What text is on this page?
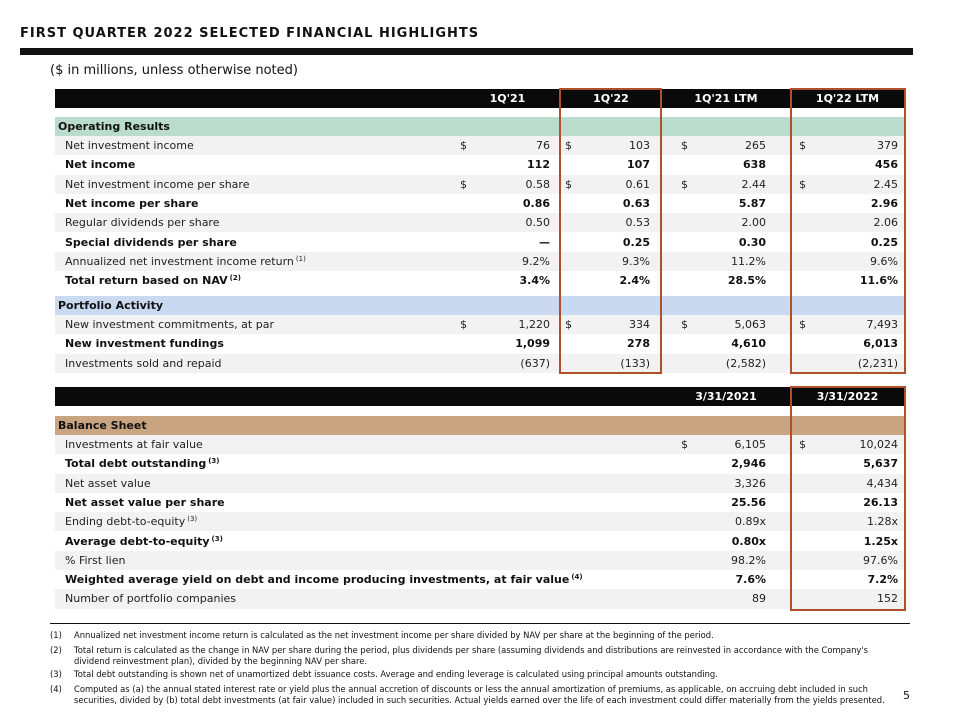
FIRST QUARTER 2022 SELECTED FINANCIAL HIGHLIGHTS
($ in millions, unless otherwise noted)
1Q'21	1Q'22	1Q'21 LTM	1Q'22 LTM
Operating Results
Net investment income	$	76 $	103	$	265	$	379
Net income	112	107	638	456
Net investment income per share	$	0.58 $	0.61	$	2.44	$	2.45
Net income per share	0.86	0.63	5.87	2.96
Regular dividends per share	0.50	0.53	2.00	2.06
Special dividends per share	—	0.25	0.30	0.25
Annualized net investment income return $^{(1)}$	9.2%	9.3%	11.2%	9.6%
Total return based on NAV $^{(2)}$	3.4%	2.4%	28.5%	11.6%
Portfolio Activity
New investment commitments, at par	$	1,220 $	334	$	5,063	$	7,493
New investment fundings	1,099	278	4,610	6,013
Investments sold and repaid	(637)	(133)	(2,582)	(2,231)
3/31/2021	3/31/2022
Balance Sheet
Investments at fair value	$	6,105	$	10,024
Total debt outstanding $^{(3)}$	2,946	5,637
Net asset value	3,326	4,434
Net asset value per share	25.56	26.13
Ending debt-to-equity $^{(3)}$	0.89x	1.28x
Average debt-to-equity $^{(3)}$	0.80x	1.25x
% First lien	98.2%	97.6%
Weighted average yield on debt and income producing investments, at fair value $^{(4)}$	7.6%	7.2%
Number of portfolio companies	89	152
(1) Annualized net investment income return is calculated as the net investment income per share divided by NAV per share at the beginning of the period.
(2) Total return is calculated as the change in NAV per share during the period, plus dividends per share (assuming dividends and distributions are reinvested in accordance with the Company's dividend reinvestment plan), divided by the beginning NAV per share.
(3) Total debt outstanding is shown net of unamortized debt issuance costs. Average and ending leverage is calculated using principal amounts outstanding.
(4) Computed as (a) the annual stated interest rate or yield plus the annual accretion of discounts or less the annual amortization of premiums, as applicable, on accruing debt included in such securities, divided by (b) total debt investments (at fair value) included in such securities. Actual yields earned over the life of each investment could differ materially from the yields presented.	5
